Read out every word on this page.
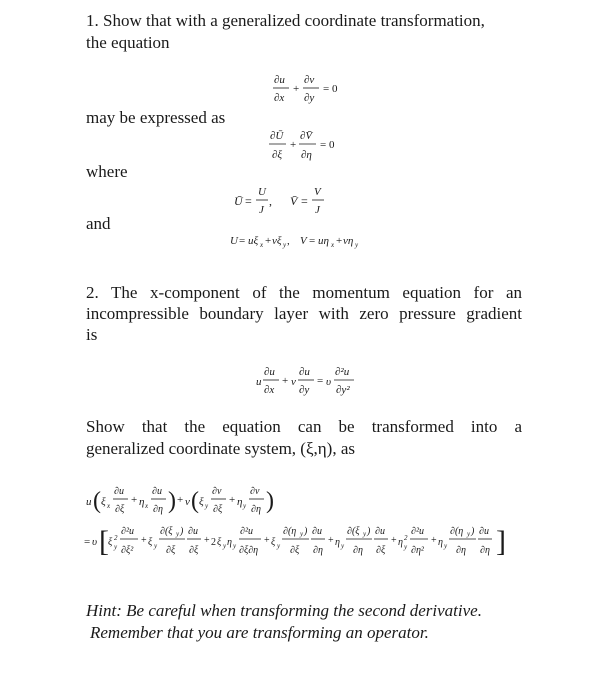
1. Show that with a generalized coordinate transformation,
the equation
∂u
∂x
+
∂v
∂y
= 0
may be expressed as
∂Ū
∂ξ
+
∂V̄
∂η
= 0
where
Ū =
U
J
, V̄ =
V
J
and
U = uξ x + vξ y , V = uη x + vη y
2. The x-component of the momentum equation for an
incompressible boundary layer with zero pressure gradient
is
u
∂u
∂x
+ v
∂u
∂y
= υ
∂²u
∂y²
Show that the equation can be transformed into a
generalized coordinate system, (ξ,η), as
u ( ξ x
∂u
∂ξ
+ η x
∂u
∂η ) + v ( ξ y
∂v
∂ξ
+ η y
∂v
∂η )
= υ [ ξ 2
y
∂²u
∂ξ²
+ ξ y
∂(ξ y )
∂ξ
∂u
∂ξ
+ 2 ξ y η y
∂²u
∂ξ∂η
+ ξ y
∂(η y )
∂ξ
∂u
∂η
+ η y
∂(ξ y )
∂η
∂u
∂ξ
+ η 2
y
∂²u
∂η²
+ η y
∂(η y )
∂η
∂u
∂η ]
Hint: Be careful when transforming the second derivative.
Remember that you are transforming an operator.
